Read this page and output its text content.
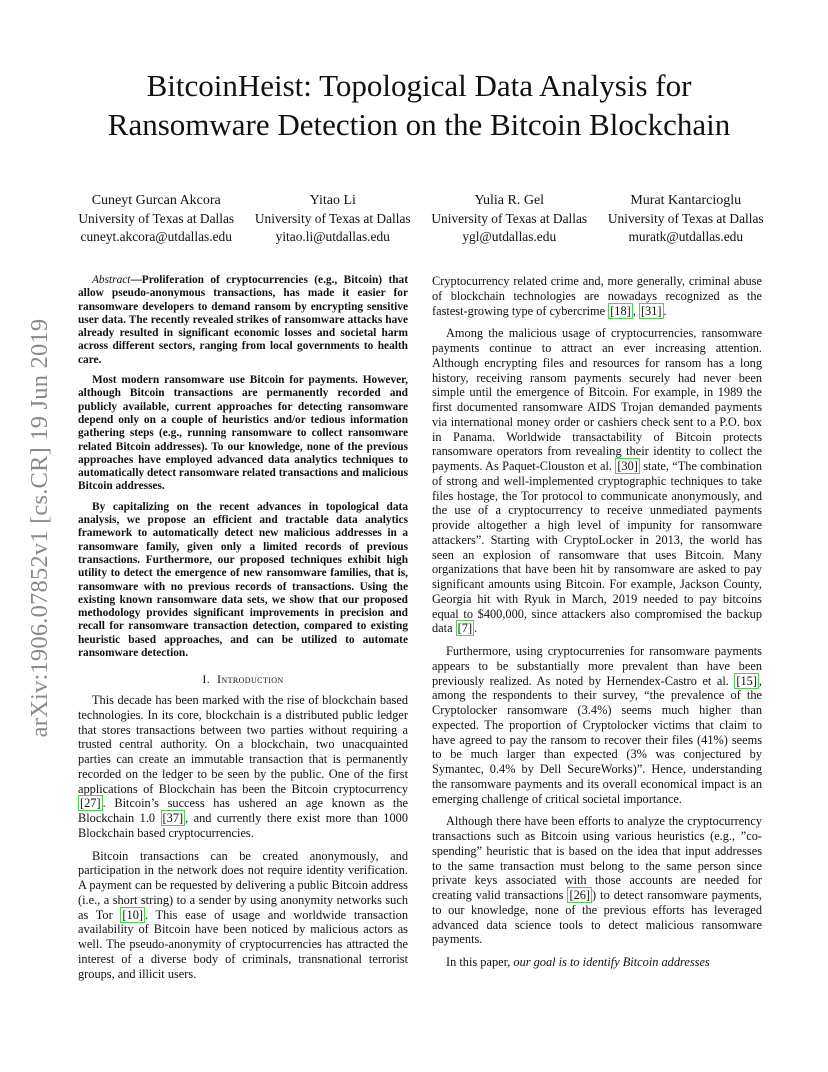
arXiv:1906.07852v1 [cs.CR] 19 Jun 2019
BitcoinHeist: Topological Data Analysis for
Ransomware Detection on the Bitcoin Blockchain
Cuneyt Gurcan Akcora
University of Texas at Dallas
cuneyt.akcora@utdallas.edu
Yitao Li
University of Texas at Dallas
yitao.li@utdallas.edu
Yulia R. Gel
University of Texas at Dallas
ygl@utdallas.edu
Murat Kantarcioglu
University of Texas at Dallas
muratk@utdallas.edu

Abstract—Proliferation of cryptocurrencies (e.g., Bitcoin) that allow pseudo-anonymous transactions, has made it easier for ransomware developers to demand ransom by encrypting sensitive user data. The recently revealed strikes of ransomware attacks have already resulted in significant economic losses and societal harm across different sectors, ranging from local governments to health care.

Most modern ransomware use Bitcoin for payments. However, although Bitcoin transactions are permanently recorded and publicly available, current approaches for detecting ransomware depend only on a couple of heuristics and/or tedious information gathering steps (e.g., running ransomware to collect ransomware related Bitcoin addresses). To our knowledge, none of the previous approaches have employed advanced data analytics techniques to automatically detect ransomware related transactions and malicious Bitcoin addresses.

By capitalizing on the recent advances in topological data analysis, we propose an efficient and tractable data analytics framework to automatically detect new malicious addresses in a ransomware family, given only a limited records of previous transactions. Furthermore, our proposed techniques exhibit high utility to detect the emergence of new ransomware families, that is, ransomware with no previous records of transactions. Using the existing known ransomware data sets, we show that our proposed methodology provides significant improvements in precision and recall for ransomware transaction detection, compared to existing heuristic based approaches, and can be utilized to automate ransomware detection.

I. Introduction

This decade has been marked with the rise of blockchain based technologies. In its core, blockchain is a distributed public ledger that stores transactions between two parties without requiring a trusted central authority. On a blockchain, two unacquainted parties can create an immutable transaction that is permanently recorded on the ledger to be seen by the public. One of the first applications of Blockchain has been the Bitcoin cryptocurrency [27] . Bitcoin’s success has ushered an age known as the Blockchain 1.0 [37] , and currently there exist more than 1000 Blockchain based cryptocurrencies.

Bitcoin transactions can be created anonymously, and participation in the network does not require identity verification. A payment can be requested by delivering a public Bitcoin address (i.e., a short string) to a sender by using anonymity networks such as Tor [10] . This ease of usage and worldwide transaction availability of Bitcoin have been noticed by malicious actors as well. The pseudo-anonymity of cryptocurrencies has attracted the interest of a diverse body of criminals, transnational terrorist groups, and illicit users.

Cryptocurrency related crime and, more generally, criminal abuse of blockchain technologies are nowadays recognized as the fastest-growing type of cybercrime [18] , [31] .

Among the malicious usage of cryptocurrencies, ransomware payments continue to attract an ever increasing attention. Although encrypting files and resources for ransom has a long history, receiving ransom payments securely had never been simple until the emergence of Bitcoin. For example, in 1989 the first documented ransomware AIDS Trojan demanded payments via international money order or cashiers check sent to a P.O. box in Panama. Worldwide transactability of Bitcoin protects ransomware operators from revealing their identity to collect the payments. As Paquet-Clouston et al. [30] state, “The combination of strong and well-implemented cryptographic techniques to take files hostage, the Tor protocol to communicate anonymously, and the use of a cryptocurrency to receive unmediated payments provide altogether a high level of impunity for ransomware attackers”. Starting with CryptoLocker in 2013, the world has seen an explosion of ransomware that uses Bitcoin. Many organizations that have been hit by ransomware are asked to pay significant amounts using Bitcoin. For example, Jackson County, Georgia hit with Ryuk in March, 2019 needed to pay bitcoins equal to $400,000, since attackers also compromised the backup data [7] .

Furthermore, using cryptocurrenies for ransomware payments appears to be substantially more prevalent than have been previously realized. As noted by Hernendex-Castro et al. [15] , among the respondents to their survey, “the prevalence of the Cryptolocker ransomware (3.4%) seems much higher than expected. The proportion of Cryptolocker victims that claim to have agreed to pay the ransom to recover their files (41%) seems to be much larger than expected (3% was conjectured by Symantec, 0.4% by Dell SecureWorks)”. Hence, understanding the ransomware payments and its overall economical impact is an emerging challenge of critical societal importance.

Although there have been efforts to analyze the cryptocurrency transactions such as Bitcoin using various heuristics (e.g., ”co-spending” heuristic that is based on the idea that input addresses to the same transaction must belong to the same person since private keys associated with those accounts are needed for creating valid transactions [26] ) to detect ransomware payments, to our knowledge, none of the previous efforts has leveraged advanced data science tools to detect malicious ransomware payments.

In this paper, our goal is to identify Bitcoin addresses
